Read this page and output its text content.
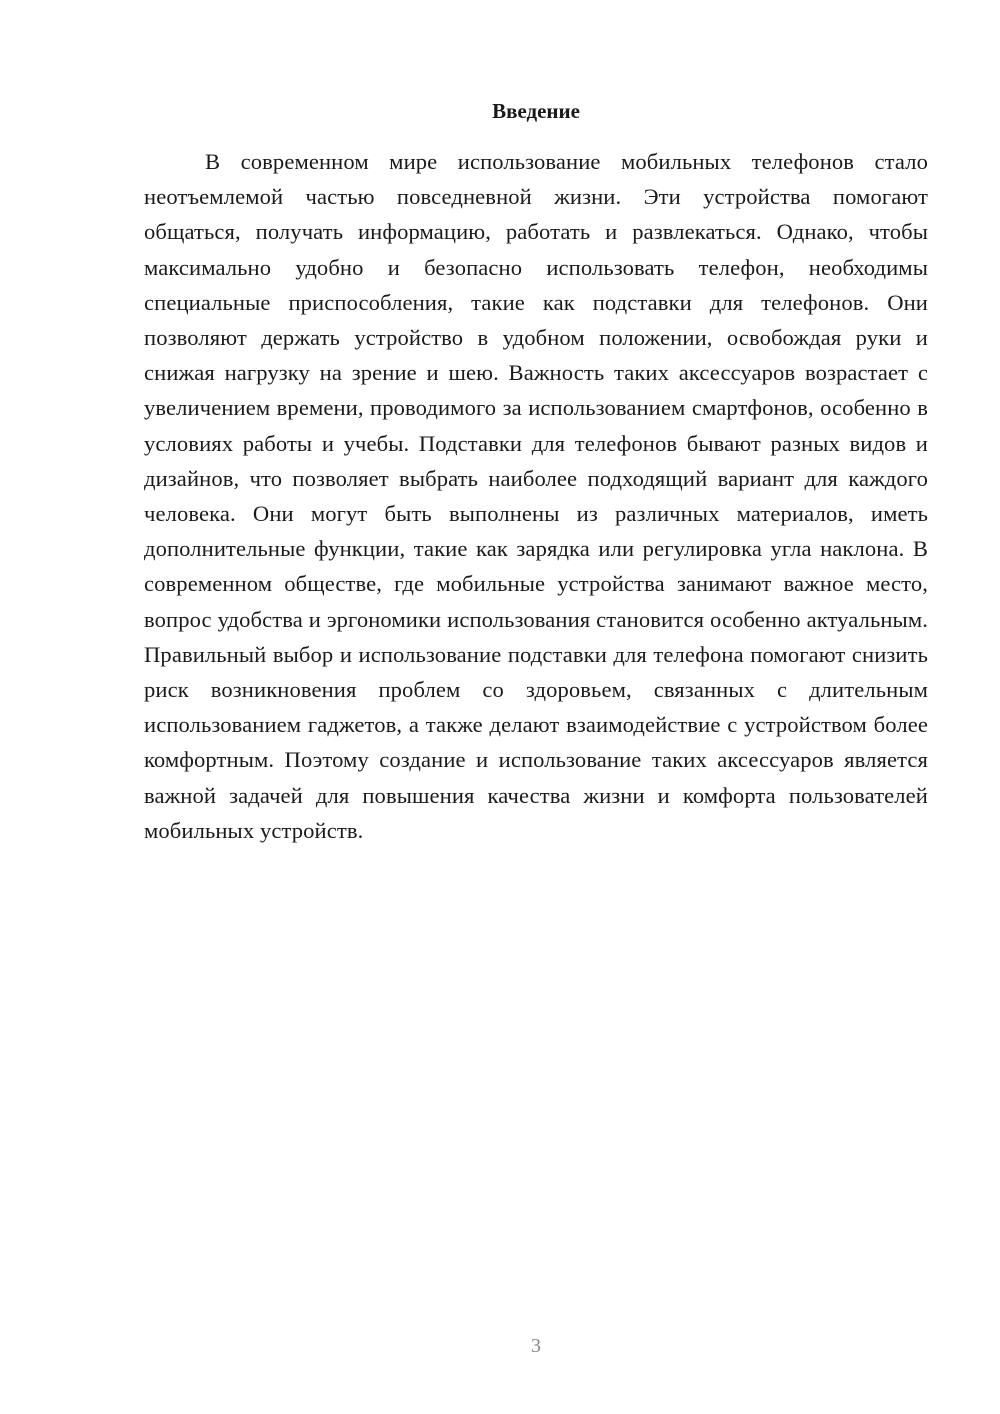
Введение

В современном мире использование мобильных телефонов стало неотъемлемой частью повседневной жизни. Эти устройства помогают общаться, получать информацию, работать и развлекаться. Однако, чтобы максимально удобно и безопасно использовать телефон, необходимы специальные приспособления, такие как подставки для телефонов. Они позволяют держать устройство в удобном положении, освобождая руки и снижая нагрузку на зрение и шею. Важность таких аксессуаров возрастает с увеличением времени, проводимого за использованием смартфонов, особенно в условиях работы и учебы. Подставки для телефонов бывают разных видов и дизайнов, что позволяет выбрать наиболее подходящий вариант для каждого человека. Они могут быть выполнены из различных материалов, иметь дополнительные функции, такие как зарядка или регулировка угла наклона. В современном обществе, где мобильные устройства занимают важное место, вопрос удобства и эргономики использования становится особенно актуальным. Правильный выбор и использование подставки для телефона помогают снизить риск возникновения проблем со здоровьем, связанных с длительным использованием гаджетов, а также делают взаимодействие с устройством более комфортным. Поэтому создание и использование таких аксессуаров является важной задачей для повышения качества жизни и комфорта пользователей мобильных устройств.

3
